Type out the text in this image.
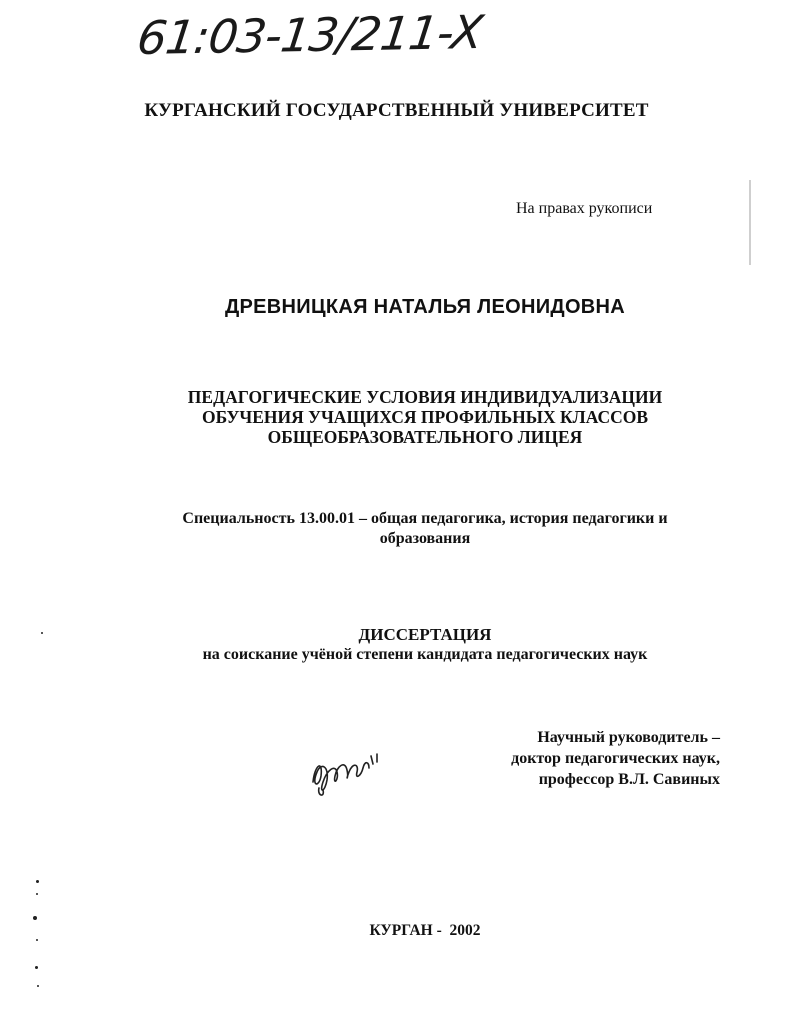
61:03-13/211-X
КУРГАНСКИЙ ГОСУДАРСТВЕННЫЙ УНИВЕРСИТЕТ
На правах рукописи
ДРЕВНИЦКАЯ НАТАЛЬЯ ЛЕОНИДОВНА
ПЕДАГОГИЧЕСКИЕ УСЛОВИЯ ИНДИВИДУАЛИЗАЦИИ
ОБУЧЕНИЯ УЧАЩИХСЯ ПРОФИЛЬНЫХ КЛАССОВ
ОБЩЕОБРАЗОВАТЕЛЬНОГО ЛИЦЕЯ
Специальность 13.00.01 – общая педагогика, история педагогики и
образования
ДИССЕРТАЦИЯ
на соискание учёной степени кандидата педагогических наук
Научный руководитель –
доктор педагогических наук,
профессор В.Л. Савиных
КУРГАН -  2002
